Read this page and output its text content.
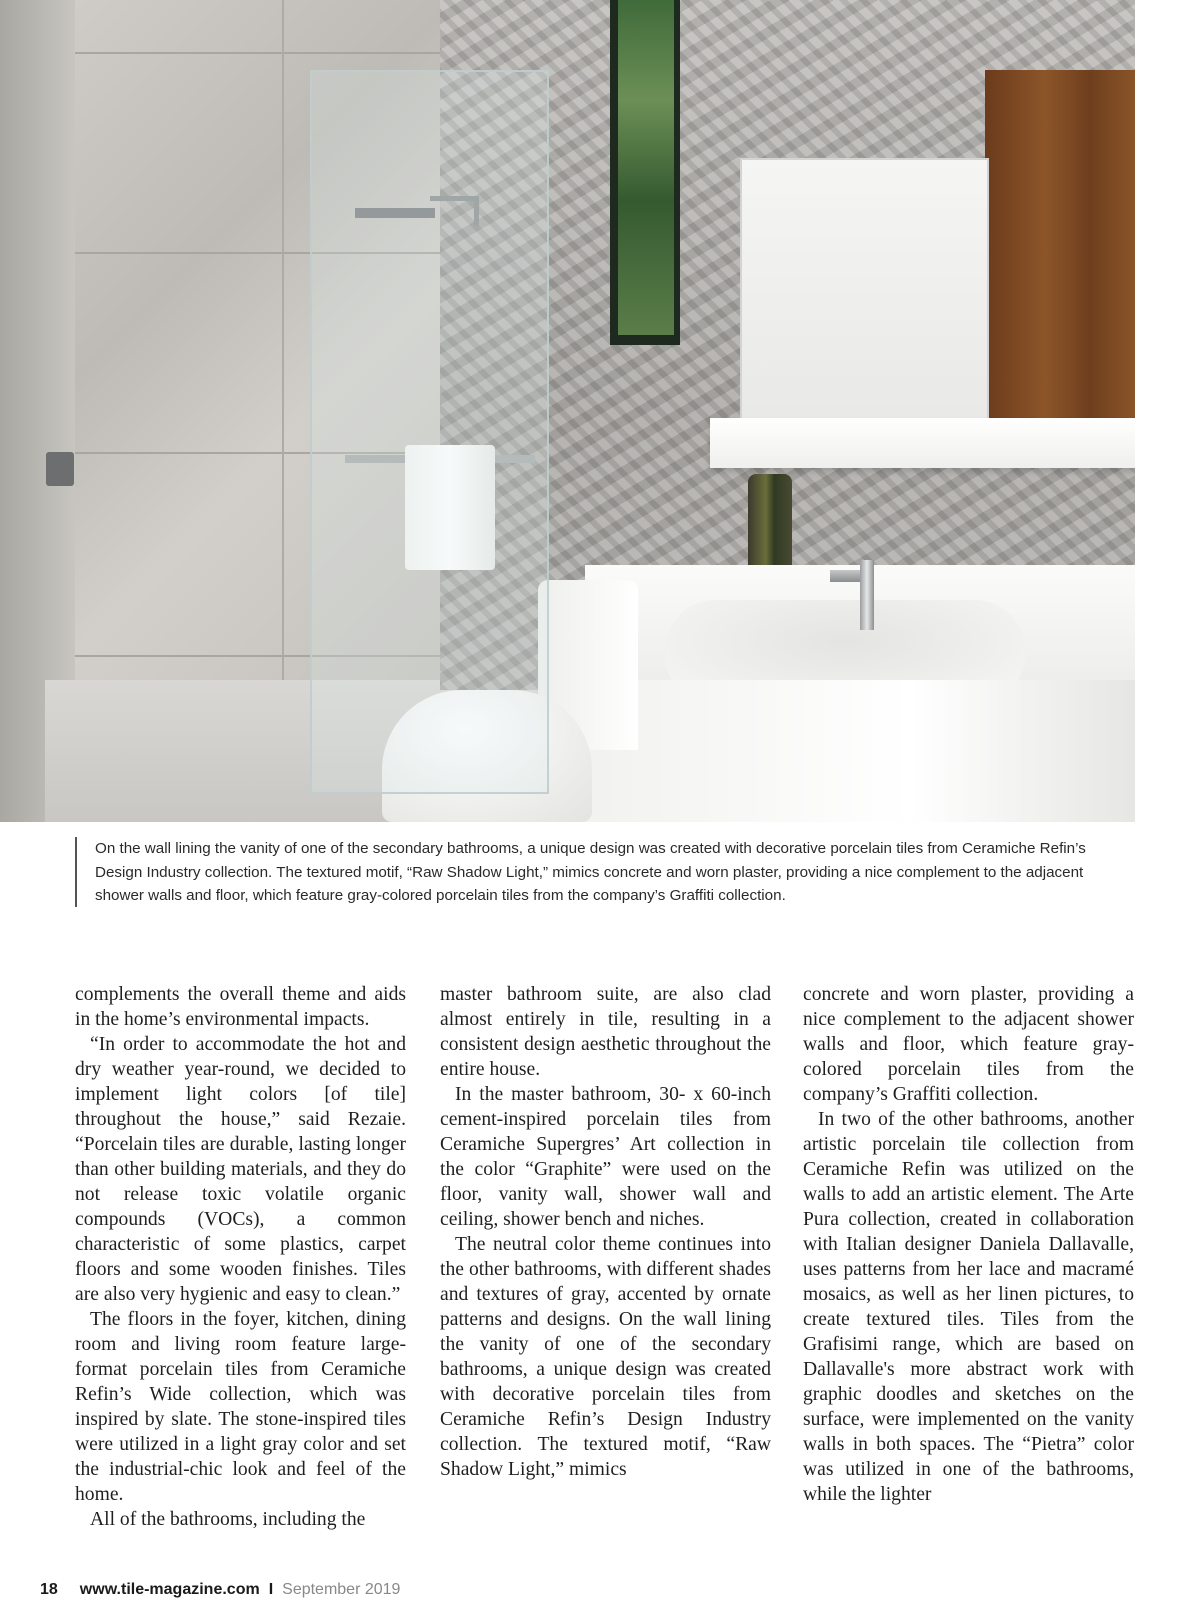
On the wall lining the vanity of one of the secondary bathrooms, a unique design was created with decorative porcelain tiles from Ceramiche Refin’s Design Industry collection. The textured motif, “Raw Shadow Light,” mimics concrete and worn plaster, providing a nice complement to the adjacent shower walls and floor, which feature gray-colored porcelain tiles from the company’s Graffiti collection.

complements the overall theme and aids in the home’s environmental impacts.

“In order to accommodate the hot and dry weather year-round, we decided to implement light colors [of tile] throughout the house,” said Rezaie. “Porcelain tiles are durable, lasting longer than other building materials, and they do not release toxic volatile organic compounds (VOCs), a common characteristic of some plastics, carpet floors and some wooden finishes. Tiles are also very hygienic and easy to clean.”

The floors in the foyer, kitchen, dining room and living room feature large-format porcelain tiles from Ceramiche Refin’s Wide collection, which was inspired by slate. The stone-inspired tiles were utilized in a light gray color and set the industrial-chic look and feel of the home.

All of the bathrooms, including the

master bathroom suite, are also clad almost entirely in tile, resulting in a consistent design aesthetic throughout the entire house.

In the master bathroom, 30- x 60-inch cement-inspired porcelain tiles from Ceramiche Supergres’ Art collection in the color “Graphite” were used on the floor, vanity wall, shower wall and ceiling, shower bench and niches.

The neutral color theme continues into the other bathrooms, with different shades and textures of gray, accented by ornate patterns and designs. On the wall lining the vanity of one of the secondary bathrooms, a unique design was created with decorative porcelain tiles from Ceramiche Refin’s Design Industry collection. The textured motif, “Raw Shadow Light,” mimics

concrete and worn plaster, providing a nice complement to the adjacent shower walls and floor, which feature gray-colored porcelain tiles from the company’s Graffiti collection.

In two of the other bathrooms, another artistic porcelain tile collection from Ceramiche Refin was utilized on the walls to add an artistic element. The Arte Pura collection, created in collaboration with Italian designer Daniela Dallavalle, uses patterns from her lace and macramé mosaics, as well as her linen pictures, to create textured tiles. Tiles from the Grafisimi range, which are based on Dallavalle's more abstract work with graphic doodles and sketches on the surface, were implemented on the vanity walls in both spaces. The “Pietra” color was utilized in one of the bathrooms, while the lighter

18 www.tile-magazine.com I September 2019
